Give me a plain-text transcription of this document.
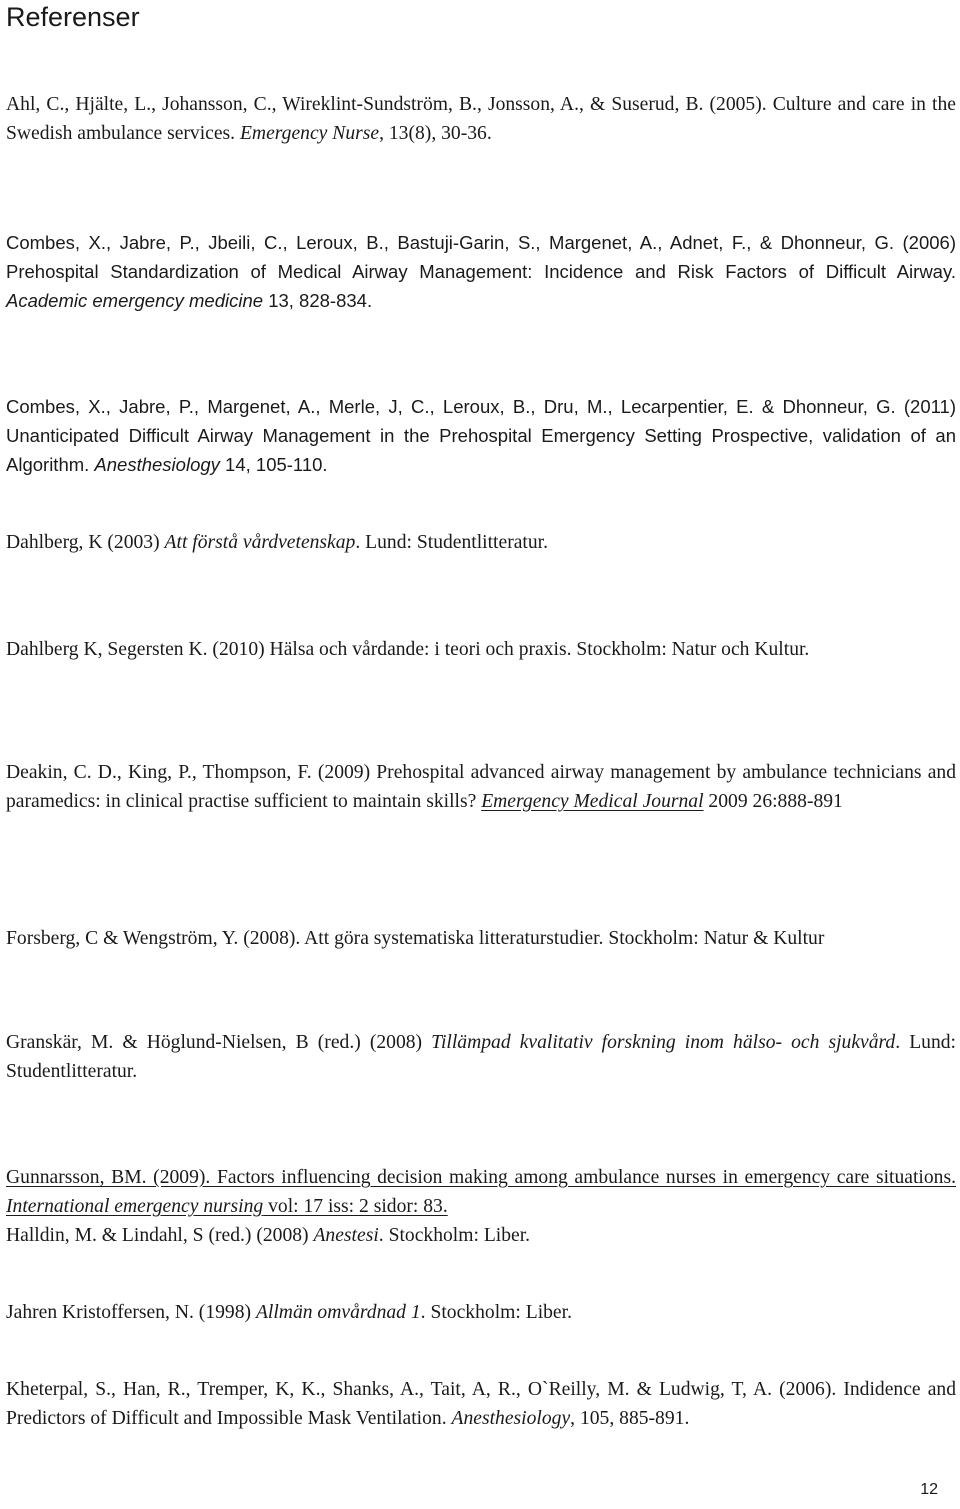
Referenser

Ahl, C., Hjälte, L., Johansson, C., Wireklint-Sundström, B., Jonsson, A., & Suserud, B. (2005). Culture and care in the Swedish ambulance services. Emergency Nurse, 13(8), 30-36.

Combes, X., Jabre, P., Jbeili, C., Leroux, B., Bastuji-Garin, S., Margenet, A., Adnet, F., & Dhonneur, G. (2006) Prehospital Standardization of Medical Airway Management: Incidence and Risk Factors of Difficult Airway. Academic emergency medicine 13, 828-834.

Combes, X., Jabre, P., Margenet, A., Merle, J, C., Leroux, B., Dru, M., Lecarpentier, E. & Dhonneur, G. (2011) Unanticipated Difficult Airway Management in the Prehospital Emergency Setting Prospective, validation of an Algorithm. Anesthesiology 14, 105-110.

Dahlberg, K (2003) Att förstå vårdvetenskap. Lund: Studentlitteratur.

Dahlberg K, Segersten K. (2010) Hälsa och vårdande: i teori och praxis. Stockholm: Natur och Kultur.

Deakin, C. D., King, P., Thompson, F. (2009) Prehospital advanced airway management by ambulance technicians and paramedics: in clinical practise sufficient to maintain skills? Emergency Medical Journal 2009 26:888-891

Forsberg, C & Wengström, Y. (2008). Att göra systematiska litteraturstudier. Stockholm: Natur & Kultur

Granskär, M. & Höglund-Nielsen, B (red.) (2008) Tillämpad kvalitativ forskning inom hälso- och sjukvård. Lund: Studentlitteratur.

Gunnarsson, BM. (2009). Factors influencing decision making among ambulance nurses in emergency care situations. International emergency nursing vol: 17 iss: 2 sidor: 83.

Halldin, M. & Lindahl, S (red.) (2008) Anestesi. Stockholm: Liber.

Jahren Kristoffersen, N. (1998) Allmän omvårdnad 1. Stockholm: Liber.

Kheterpal, S., Han, R., Tremper, K, K., Shanks, A., Tait, A, R., O`Reilly, M. & Ludwig, T, A. (2006). Indidence and Predictors of Difficult and Impossible Mask Ventilation. Anesthesiology, 105, 885-891.

12
